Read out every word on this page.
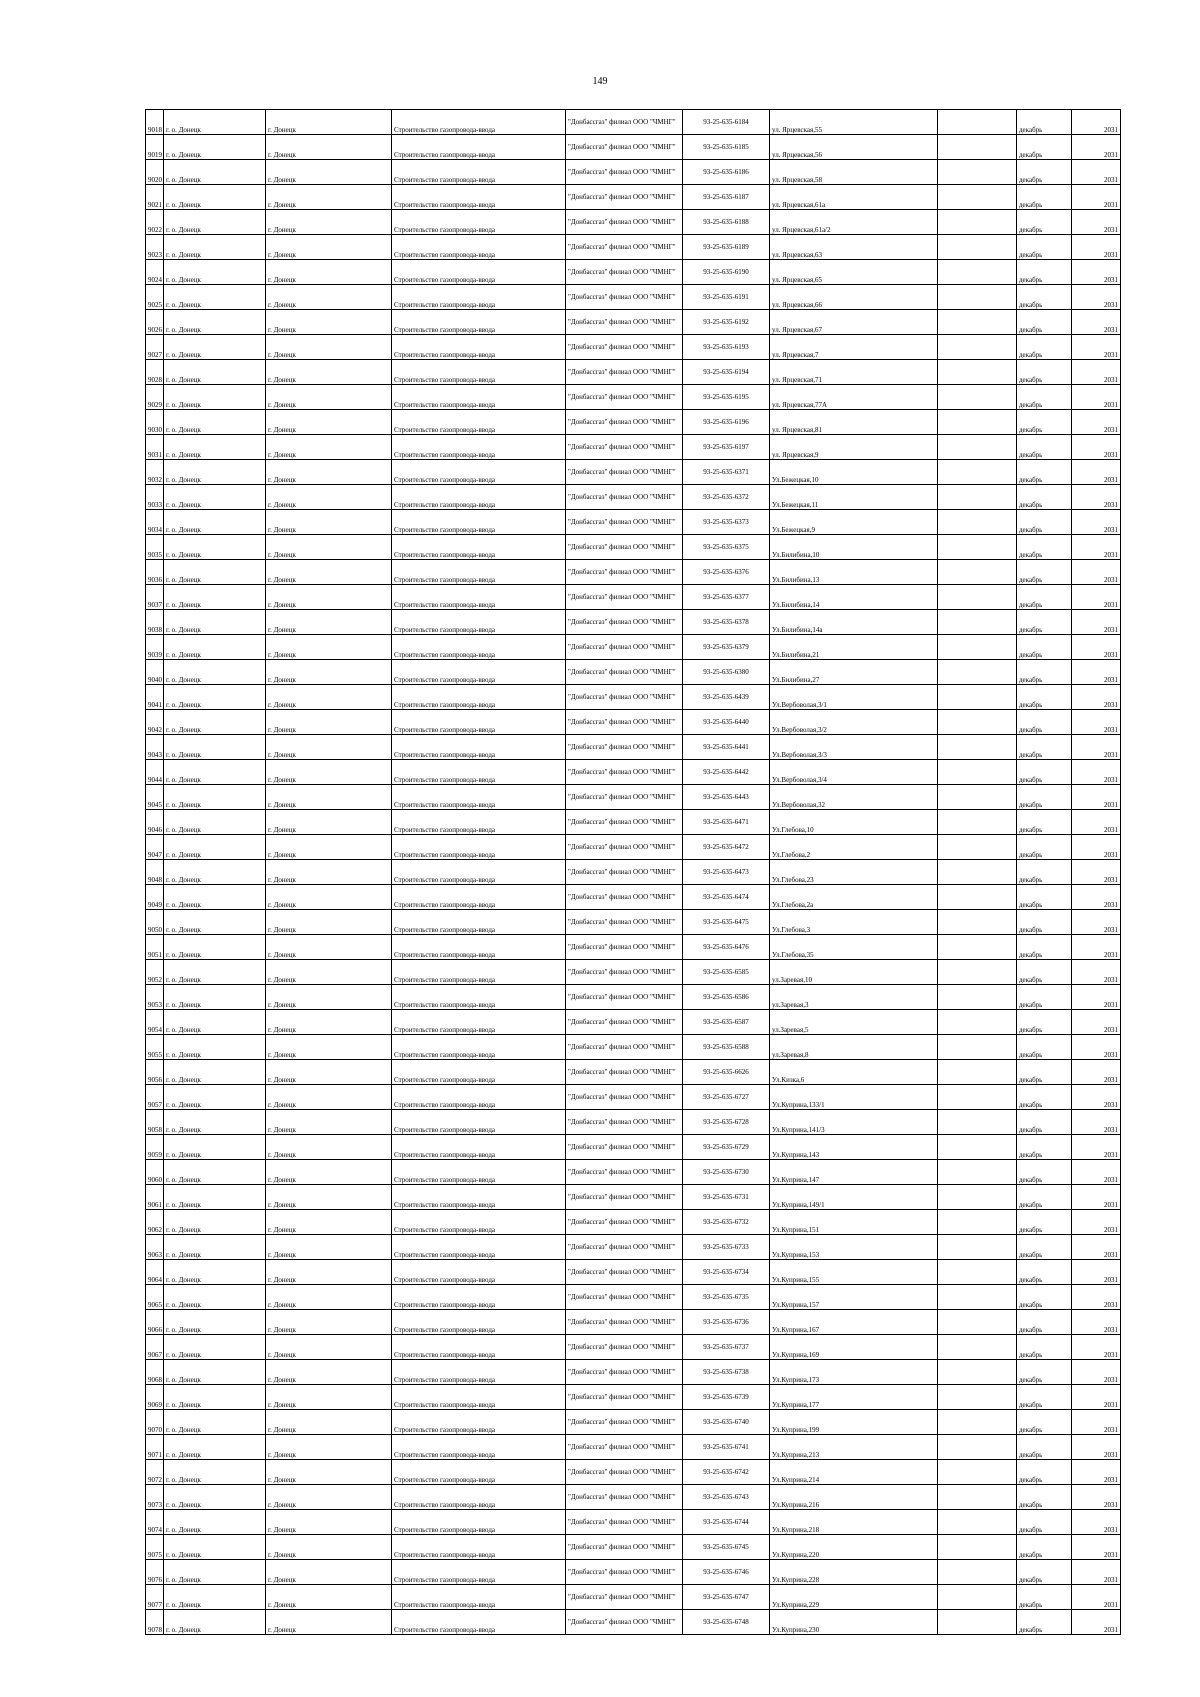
149
9018	г. о. Донецк	г. Донецк	Строительство газопровода-ввода	"Донбассгаз" филиал ООО "ЧМНГ"	93-25-635-6184	ул. Ярцевская,55		декабрь	2031
9019	г. о. Донецк	г. Донецк	Строительство газопровода-ввода	"Донбассгаз" филиал ООО "ЧМНГ"	93-25-635-6185	ул. Ярцевская,56		декабрь	2031
9020	г. о. Донецк	г. Донецк	Строительство газопровода-ввода	"Донбассгаз" филиал ООО "ЧМНГ"	93-25-635-6186	ул. Ярцевская,58		декабрь	2031
9021	г. о. Донецк	г. Донецк	Строительство газопровода-ввода	"Донбассгаз" филиал ООО "ЧМНГ"	93-25-635-6187	ул. Ярцевская,61а		декабрь	2031
9022	г. о. Донецк	г. Донецк	Строительство газопровода-ввода	"Донбассгаз" филиал ООО "ЧМНГ"	93-25-635-6188	ул. Ярцевская,61а/2		декабрь	2031
9023	г. о. Донецк	г. Донецк	Строительство газопровода-ввода	"Донбассгаз" филиал ООО "ЧМНГ"	93-25-635-6189	ул. Ярцевская,63		декабрь	2031
9024	г. о. Донецк	г. Донецк	Строительство газопровода-ввода	"Донбассгаз" филиал ООО "ЧМНГ"	93-25-635-6190	ул. Ярцевская,65		декабрь	2031
9025	г. о. Донецк	г. Донецк	Строительство газопровода-ввода	"Донбассгаз" филиал ООО "ЧМНГ"	93-25-635-6191	ул. Ярцевская,66		декабрь	2031
9026	г. о. Донецк	г. Донецк	Строительство газопровода-ввода	"Донбассгаз" филиал ООО "ЧМНГ"	93-25-635-6192	ул. Ярцевская,67		декабрь	2031
9027	г. о. Донецк	г. Донецк	Строительство газопровода-ввода	"Донбассгаз" филиал ООО "ЧМНГ"	93-25-635-6193	ул. Ярцевская,7		декабрь	2031
9028	г. о. Донецк	г. Донецк	Строительство газопровода-ввода	"Донбассгаз" филиал ООО "ЧМНГ"	93-25-635-6194	ул. Ярцевская,71		декабрь	2031
9029	г. о. Донецк	г. Донецк	Строительство газопровода-ввода	"Донбассгаз" филиал ООО "ЧМНГ"	93-25-635-6195	ул. Ярцевская,77А		декабрь	2031
9030	г. о. Донецк	г. Донецк	Строительство газопровода-ввода	"Донбассгаз" филиал ООО "ЧМНГ"	93-25-635-6196	ул. Ярцевская,81		декабрь	2031
9031	г. о. Донецк	г. Донецк	Строительство газопровода-ввода	"Донбассгаз" филиал ООО "ЧМНГ"	93-25-635-6197	ул. Ярцевская,9		декабрь	2031
9032	г. о. Донецк	г. Донецк	Строительство газопровода-ввода	"Донбассгаз" филиал ООО "ЧМНГ"	93-25-635-6371	Ул.Бежецкая,10		декабрь	2031
9033	г. о. Донецк	г. Донецк	Строительство газопровода-ввода	"Донбассгаз" филиал ООО "ЧМНГ"	93-25-635-6372	Ул.Бежецкая,11		декабрь	2031
9034	г. о. Донецк	г. Донецк	Строительство газопровода-ввода	"Донбассгаз" филиал ООО "ЧМНГ"	93-25-635-6373	Ул.Бежецкая,9		декабрь	2031
9035	г. о. Донецк	г. Донецк	Строительство газопровода-ввода	"Донбассгаз" филиал ООО "ЧМНГ"	93-25-635-6375	Ул.Билибина,10		декабрь	2031
9036	г. о. Донецк	г. Донецк	Строительство газопровода-ввода	"Донбассгаз" филиал ООО "ЧМНГ"	93-25-635-6376	Ул.Билибина,13		декабрь	2031
9037	г. о. Донецк	г. Донецк	Строительство газопровода-ввода	"Донбассгаз" филиал ООО "ЧМНГ"	93-25-635-6377	Ул.Билибина,14		декабрь	2031
9038	г. о. Донецк	г. Донецк	Строительство газопровода-ввода	"Донбассгаз" филиал ООО "ЧМНГ"	93-25-635-6378	Ул.Билибина,14а		декабрь	2031
9039	г. о. Донецк	г. Донецк	Строительство газопровода-ввода	"Донбассгаз" филиал ООО "ЧМНГ"	93-25-635-6379	Ул.Билибина,21		декабрь	2031
9040	г. о. Донецк	г. Донецк	Строительство газопровода-ввода	"Донбассгаз" филиал ООО "ЧМНГ"	93-25-635-6380	Ул.Билибина,27		декабрь	2031
9041	г. о. Донецк	г. Донецк	Строительство газопровода-ввода	"Донбассгаз" филиал ООО "ЧМНГ"	93-25-635-6439	Ул.Вербоволая,3/1		декабрь	2031
9042	г. о. Донецк	г. Донецк	Строительство газопровода-ввода	"Донбассгаз" филиал ООО "ЧМНГ"	93-25-635-6440	Ул.Вербоволая,3/2		декабрь	2031
9043	г. о. Донецк	г. Донецк	Строительство газопровода-ввода	"Донбассгаз" филиал ООО "ЧМНГ"	93-25-635-6441	Ул.Вербоволая,3/3		декабрь	2031
9044	г. о. Донецк	г. Донецк	Строительство газопровода-ввода	"Донбассгаз" филиал ООО "ЧМНГ"	93-25-635-6442	Ул.Вербоволая,3/4		декабрь	2031
9045	г. о. Донецк	г. Донецк	Строительство газопровода-ввода	"Донбассгаз" филиал ООО "ЧМНГ"	93-25-635-6443	Ул.Вербоволая,32		декабрь	2031
9046	г. о. Донецк	г. Донецк	Строительство газопровода-ввода	"Донбассгаз" филиал ООО "ЧМНГ"	93-25-635-6471	Ул.Глебова,10		декабрь	2031
9047	г. о. Донецк	г. Донецк	Строительство газопровода-ввода	"Донбассгаз" филиал ООО "ЧМНГ"	93-25-635-6472	Ул.Глебова,2		декабрь	2031
9048	г. о. Донецк	г. Донецк	Строительство газопровода-ввода	"Донбассгаз" филиал ООО "ЧМНГ"	93-25-635-6473	Ул.Глебова,23		декабрь	2031
9049	г. о. Донецк	г. Донецк	Строительство газопровода-ввода	"Донбассгаз" филиал ООО "ЧМНГ"	93-25-635-6474	Ул.Глебова,2а		декабрь	2031
9050	г. о. Донецк	г. Донецк	Строительство газопровода-ввода	"Донбассгаз" филиал ООО "ЧМНГ"	93-25-635-6475	Ул.Глебова,3		декабрь	2031
9051	г. о. Донецк	г. Донецк	Строительство газопровода-ввода	"Донбассгаз" филиал ООО "ЧМНГ"	93-25-635-6476	Ул.Глебова,35		декабрь	2031
9052	г. о. Донецк	г. Донецк	Строительство газопровода-ввода	"Донбассгаз" филиал ООО "ЧМНГ"	93-25-635-6585	ул.Заревая,10		декабрь	2031
9053	г. о. Донецк	г. Донецк	Строительство газопровода-ввода	"Донбассгаз" филиал ООО "ЧМНГ"	93-25-635-6586	ул.Заревая,3		декабрь	2031
9054	г. о. Донецк	г. Донецк	Строительство газопровода-ввода	"Донбассгаз" филиал ООО "ЧМНГ"	93-25-635-6587	ул.Заревая,5		декабрь	2031
9055	г. о. Донецк	г. Донецк	Строительство газопровода-ввода	"Донбассгаз" филиал ООО "ЧМНГ"	93-25-635-6588	ул.Заревая,8		декабрь	2031
9056	г. о. Донецк	г. Донецк	Строительство газопровода-ввода	"Донбассгаз" филиал ООО "ЧМНГ"	93-25-635-6626	Ул.Кизка,6		декабрь	2031
9057	г. о. Донецк	г. Донецк	Строительство газопровода-ввода	"Донбассгаз" филиал ООО "ЧМНГ"	93-25-635-6727	Ул.Куприна,133/1		декабрь	2031
9058	г. о. Донецк	г. Донецк	Строительство газопровода-ввода	"Донбассгаз" филиал ООО "ЧМНГ"	93-25-635-6728	Ул.Куприна,141/3		декабрь	2031
9059	г. о. Донецк	г. Донецк	Строительство газопровода-ввода	"Донбассгаз" филиал ООО "ЧМНГ"	93-25-635-6729	Ул.Куприна,143		декабрь	2031
9060	г. о. Донецк	г. Донецк	Строительство газопровода-ввода	"Донбассгаз" филиал ООО "ЧМНГ"	93-25-635-6730	Ул.Куприна,147		декабрь	2031
9061	г. о. Донецк	г. Донецк	Строительство газопровода-ввода	"Донбассгаз" филиал ООО "ЧМНГ"	93-25-635-6731	Ул.Куприна,149/1		декабрь	2031
9062	г. о. Донецк	г. Донецк	Строительство газопровода-ввода	"Донбассгаз" филиал ООО "ЧМНГ"	93-25-635-6732	Ул.Куприна,151		декабрь	2031
9063	г. о. Донецк	г. Донецк	Строительство газопровода-ввода	"Донбассгаз" филиал ООО "ЧМНГ"	93-25-635-6733	Ул.Куприна,153		декабрь	2031
9064	г. о. Донецк	г. Донецк	Строительство газопровода-ввода	"Донбассгаз" филиал ООО "ЧМНГ"	93-25-635-6734	Ул.Куприна,155		декабрь	2031
9065	г. о. Донецк	г. Донецк	Строительство газопровода-ввода	"Донбассгаз" филиал ООО "ЧМНГ"	93-25-635-6735	Ул.Куприна,157		декабрь	2031
9066	г. о. Донецк	г. Донецк	Строительство газопровода-ввода	"Донбассгаз" филиал ООО "ЧМНГ"	93-25-635-6736	Ул.Куприна,167		декабрь	2031
9067	г. о. Донецк	г. Донецк	Строительство газопровода-ввода	"Донбассгаз" филиал ООО "ЧМНГ"	93-25-635-6737	Ул.Куприна,169		декабрь	2031
9068	г. о. Донецк	г. Донецк	Строительство газопровода-ввода	"Донбассгаз" филиал ООО "ЧМНГ"	93-25-635-6738	Ул.Куприна,173		декабрь	2031
9069	г. о. Донецк	г. Донецк	Строительство газопровода-ввода	"Донбассгаз" филиал ООО "ЧМНГ"	93-25-635-6739	Ул.Куприна,177		декабрь	2031
9070	г. о. Донецк	г. Донецк	Строительство газопровода-ввода	"Донбассгаз" филиал ООО "ЧМНГ"	93-25-635-6740	Ул.Куприна,199		декабрь	2031
9071	г. о. Донецк	г. Донецк	Строительство газопровода-ввода	"Донбассгаз" филиал ООО "ЧМНГ"	93-25-635-6741	Ул.Куприна,213		декабрь	2031
9072	г. о. Донецк	г. Донецк	Строительство газопровода-ввода	"Донбассгаз" филиал ООО "ЧМНГ"	93-25-635-6742	Ул.Куприна,214		декабрь	2031
9073	г. о. Донецк	г. Донецк	Строительство газопровода-ввода	"Донбассгаз" филиал ООО "ЧМНГ"	93-25-635-6743	Ул.Куприна,216		декабрь	2031
9074	г. о. Донецк	г. Донецк	Строительство газопровода-ввода	"Донбассгаз" филиал ООО "ЧМНГ"	93-25-635-6744	Ул.Куприна,218		декабрь	2031
9075	г. о. Донецк	г. Донецк	Строительство газопровода-ввода	"Донбассгаз" филиал ООО "ЧМНГ"	93-25-635-6745	Ул.Куприна,220		декабрь	2031
9076	г. о. Донецк	г. Донецк	Строительство газопровода-ввода	"Донбассгаз" филиал ООО "ЧМНГ"	93-25-635-6746	Ул.Куприна,228		декабрь	2031
9077	г. о. Донецк	г. Донецк	Строительство газопровода-ввода	"Донбассгаз" филиал ООО "ЧМНГ"	93-25-635-6747	Ул.Куприна,229		декабрь	2031
9078	г. о. Донецк	г. Донецк	Строительство газопровода-ввода	"Донбассгаз" филиал ООО "ЧМНГ"	93-25-635-6748	Ул.Куприна,230		декабрь	2031
